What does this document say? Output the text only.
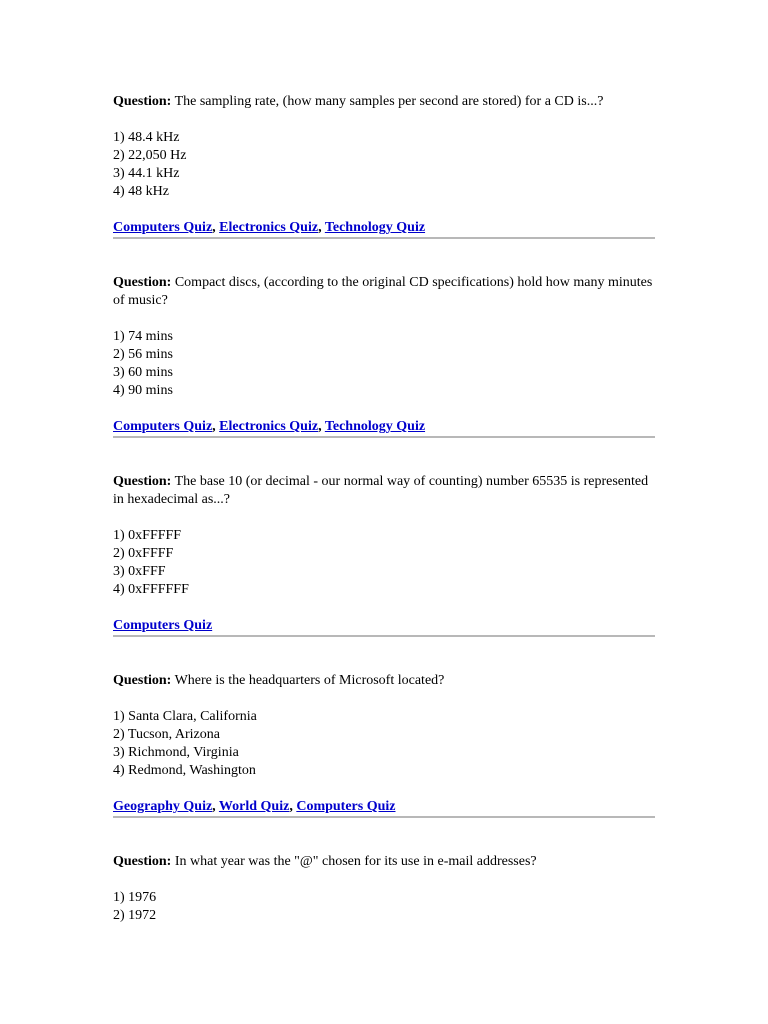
Question: The sampling rate, (how many samples per second are stored) for a CD is...?
1) 48.4 kHz
2) 22,050 Hz
3) 44.1 kHz
4) 48 kHz
Computers Quiz, Electronics Quiz, Technology Quiz
Question: Compact discs, (according to the original CD specifications) hold how many minutes of music?
1) 74 mins
2) 56 mins
3) 60 mins
4) 90 mins
Computers Quiz, Electronics Quiz, Technology Quiz
Question: The base 10 (or decimal - our normal way of counting) number 65535 is represented in hexadecimal as...?
1) 0xFFFFF
2) 0xFFFF
3) 0xFFF
4) 0xFFFFFF
Computers Quiz
Question: Where is the headquarters of Microsoft located?
1) Santa Clara, California
2) Tucson, Arizona
3) Richmond, Virginia
4) Redmond, Washington
Geography Quiz, World Quiz, Computers Quiz
Question: In what year was the "@" chosen for its use in e-mail addresses?
1) 1976
2) 1972
